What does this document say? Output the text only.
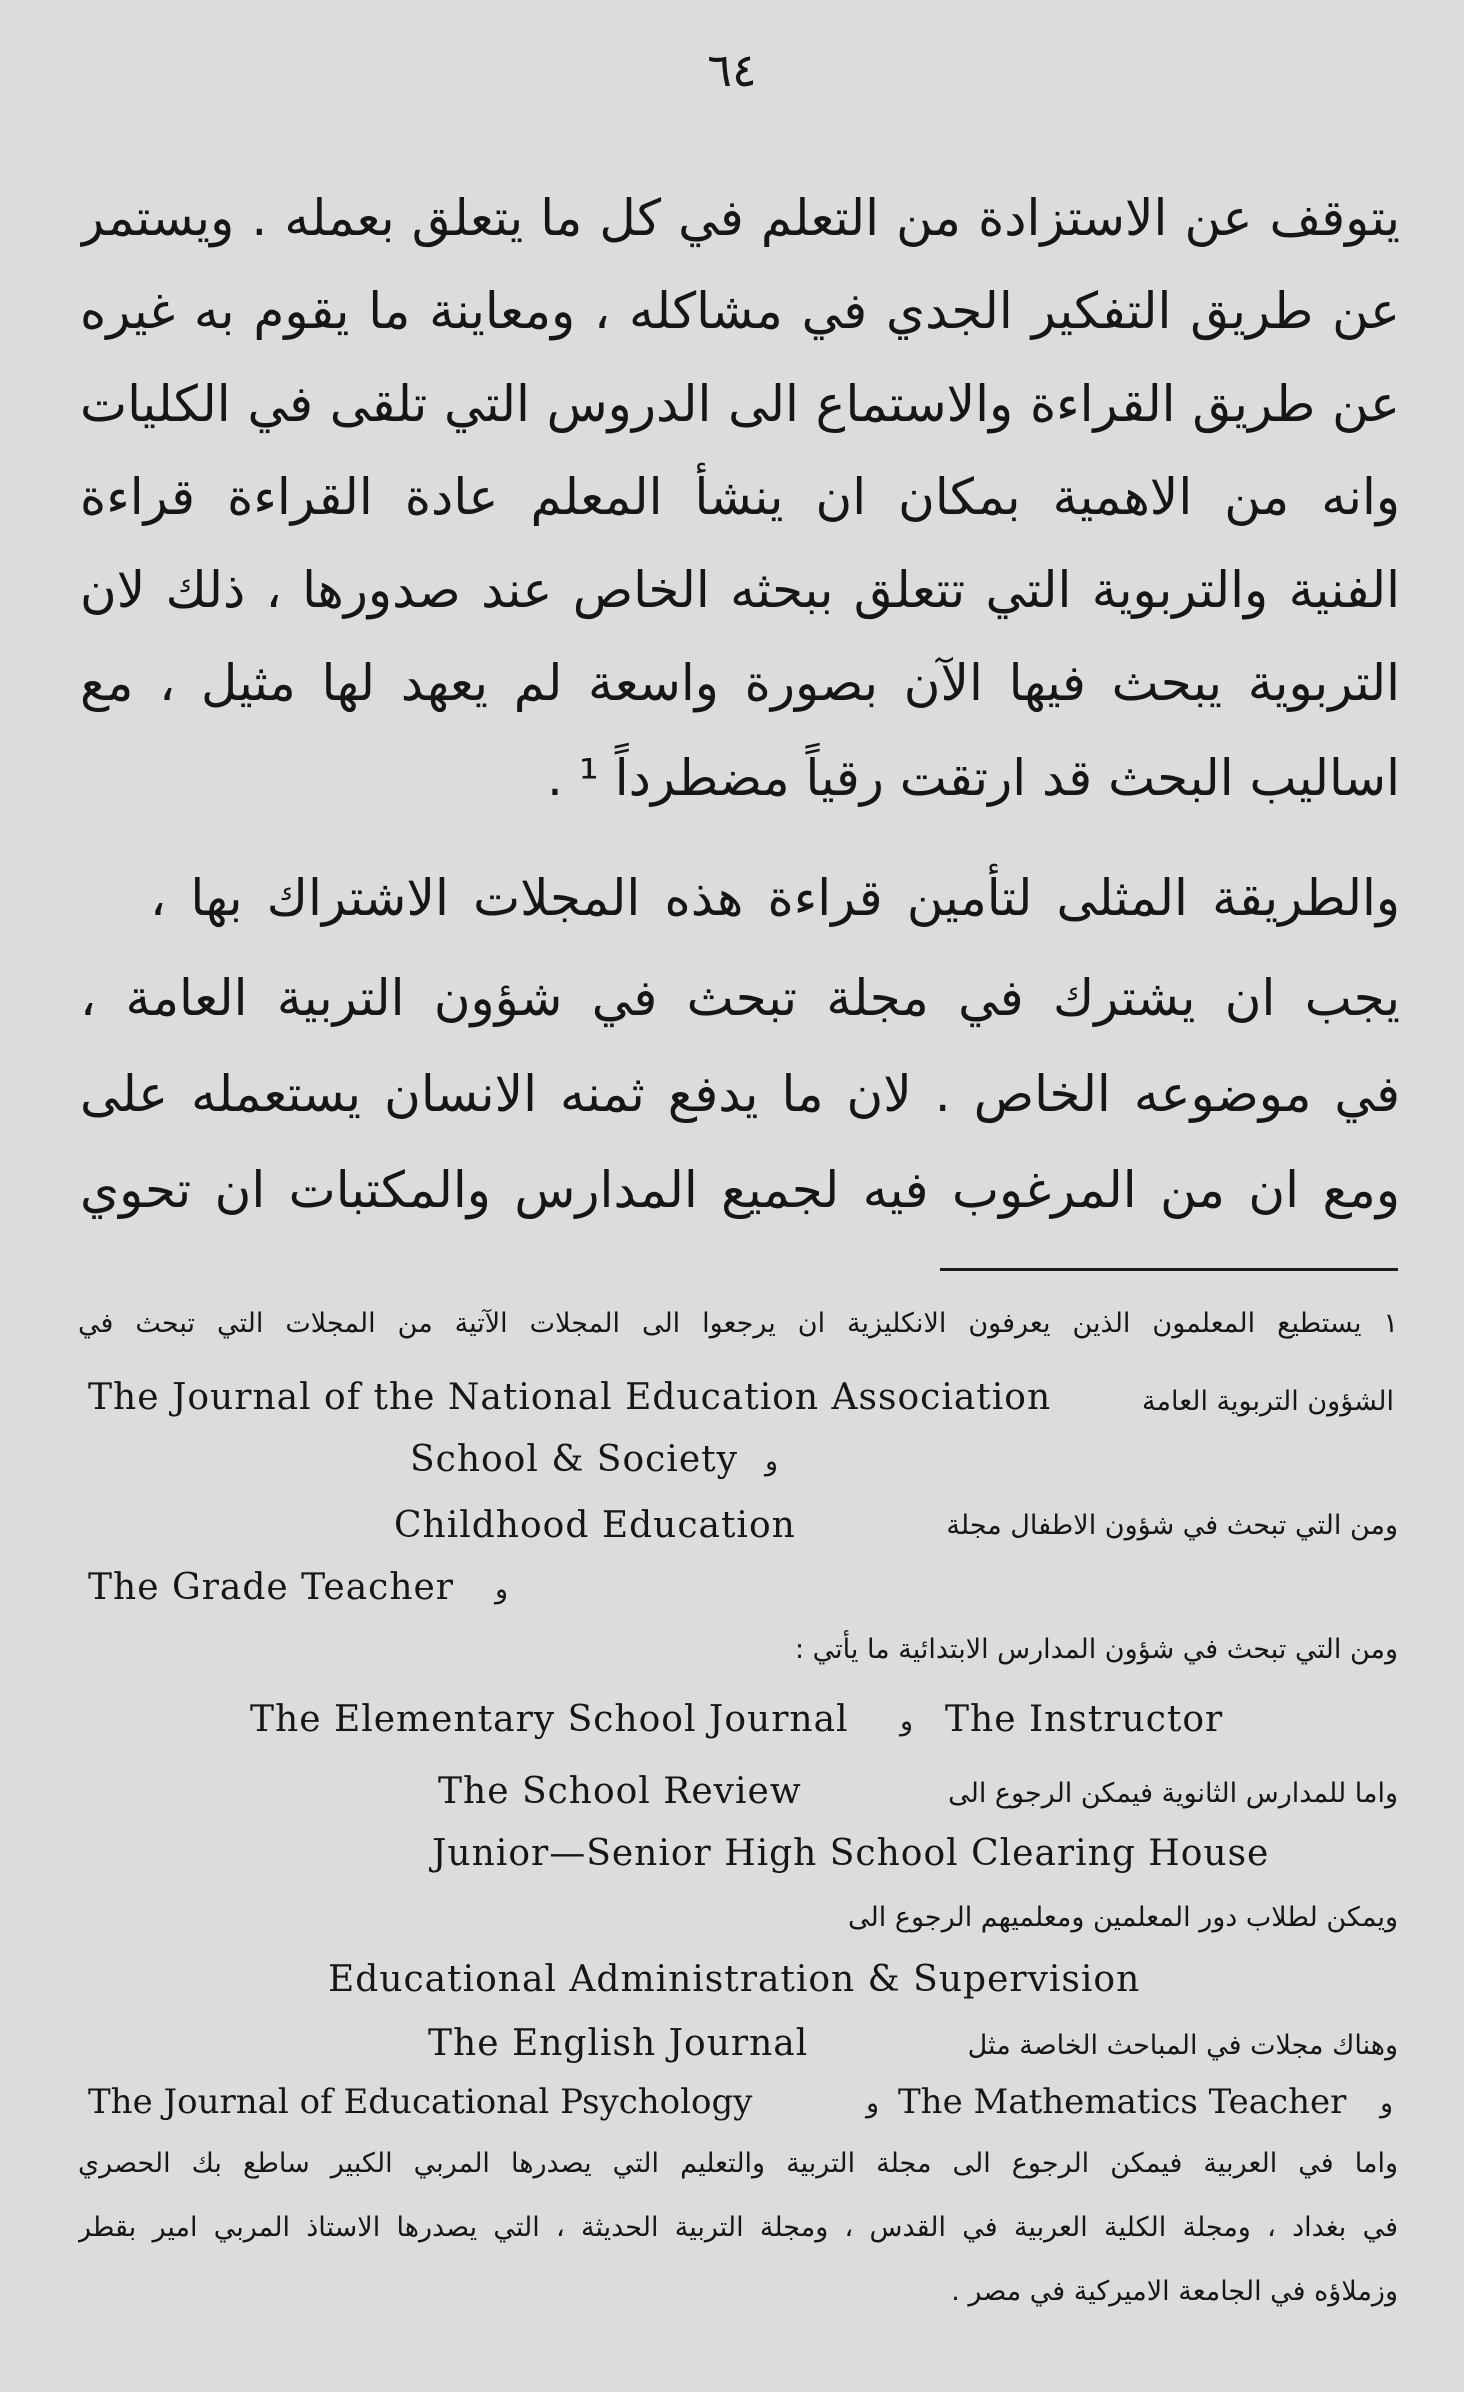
٦٤
يتوقف عن الاستزادة من التعلم في كل ما يتعلق بعمله . ويستمر
عن طريق التفكير الجدي في مشاكله ، ومعاينة ما يقوم به غيره
عن طريق القراءة والاستماع الى الدروس التي تلقى في الكليات
وانه من الاهمية بمكان ان ينشأ المعلم عادة القراءة قراءة
الفنية والتربوية التي تتعلق ببحثه الخاص عند صدورها ، ذلك لان
التربوية يبحث فيها الآن بصورة واسعة لم يعهد لها مثيل ، مع
اساليب البحث قد ارتقت رقياً مضطرداً ¹ .
والطريقة المثلى لتأمين قراءة هذه المجلات الاشتراك بها ،
يجب ان يشترك في مجلة تبحث في شؤون التربية العامة ،
في موضوعه الخاص . لان ما يدفع ثمنه الانسان يستعمله على
ومع ان من المرغوب فيه لجميع المدارس والمكتبات ان تحوي
١ يستطيع المعلمون الذين يعرفون الانكليزية ان يرجعوا الى المجلات الآتية من المجلات التي تبحث في
الشؤون التربوية العامة
The Journal of the National Education Association
School & Society و
ومن التي تبحث في شؤون الاطفال مجلة
Childhood Education
The Grade Teacher و
ومن التي تبحث في شؤون المدارس الابتدائية ما يأتي :
The Elementary School Journal و The Instructor
واما للمدارس الثانوية فيمكن الرجوع الى
The School Review
Junior—Senior High School Clearing House
ويمكن لطلاب دور المعلمين ومعلميهم الرجوع الى
Educational Administration & Supervision
وهناك مجلات في المباحث الخاصة مثل
The English Journal
The Journal of Educational Psychology	و The Mathematics Teacher و
واما في العربية فيمكن الرجوع الى مجلة التربية والتعليم التي يصدرها المربي الكبير ساطع بك الحصري
في بغداد ، ومجلة الكلية العربية في القدس ، ومجلة التربية الحديثة ، التي يصدرها الاستاذ المربي امير بقطر
وزملاؤه في الجامعة الاميركية في مصر .
